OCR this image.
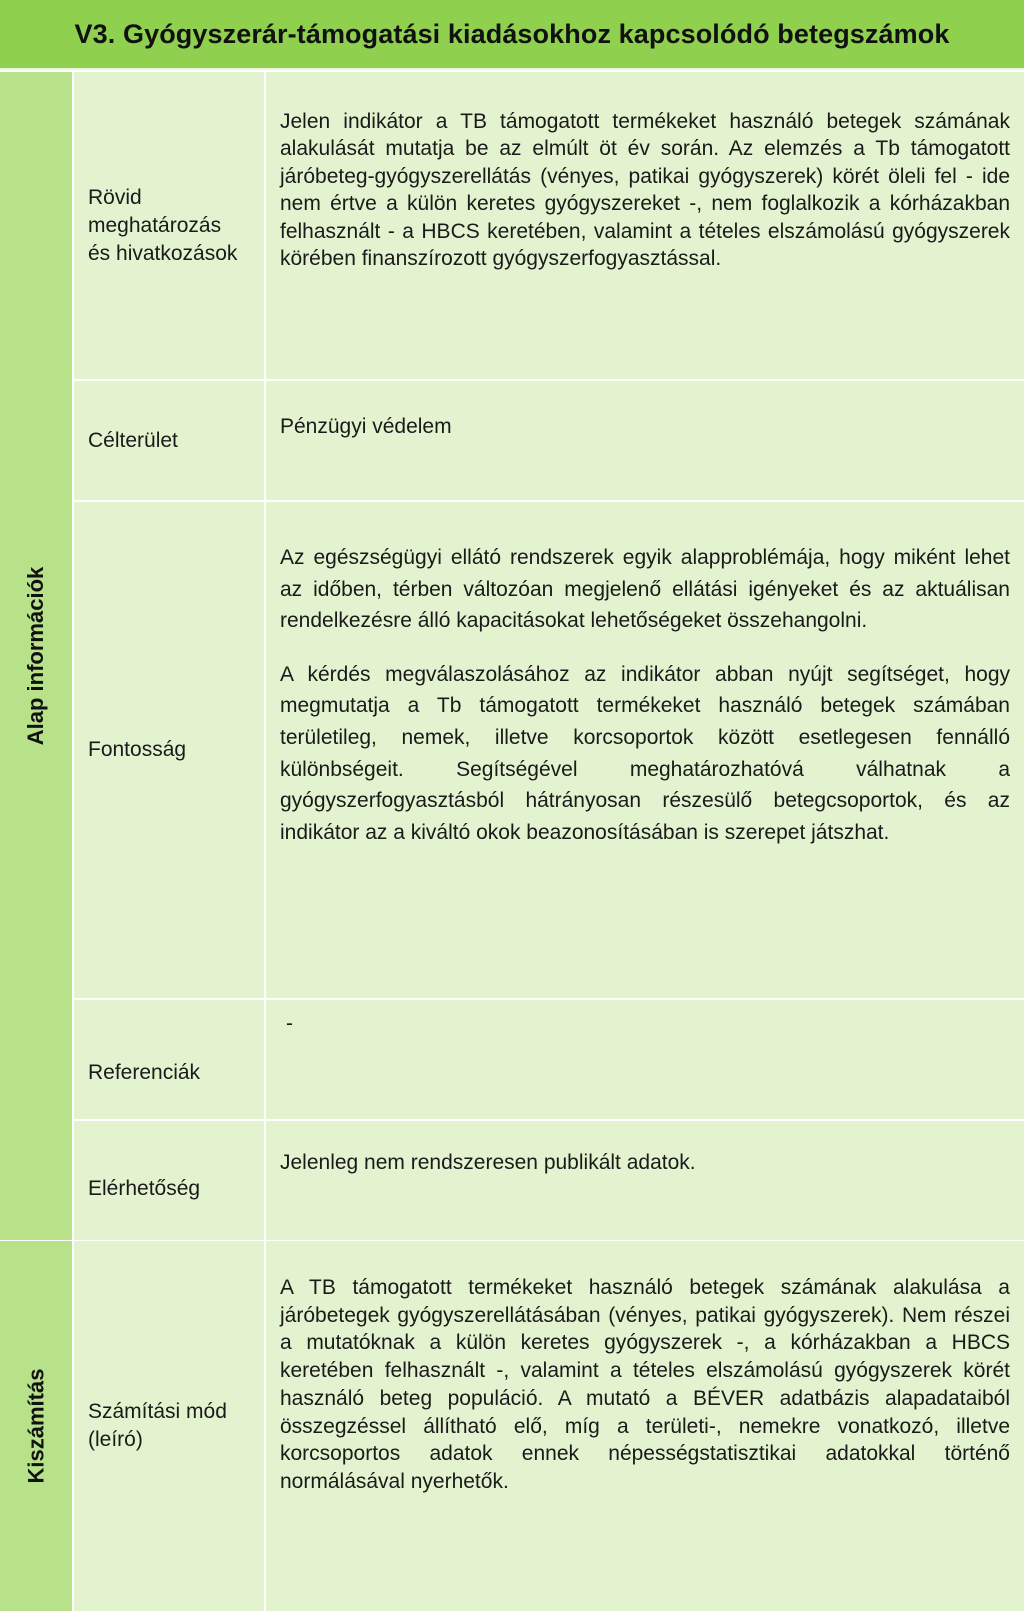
V3. Gyógyszerár-támogatási kiadásokhoz kapcsolódó betegszámok
Alap információk
Kiszámítás
Rövid meghatározás és hivatkozások

Jelen indikátor a TB támogatott termékeket használó betegek számának alakulását mutatja be az elmúlt öt év során. Az elemzés a Tb támogatott járóbeteg-gyógyszerellátás (vényes, patikai gyógyszerek) körét öleli fel - ide nem értve a külön keretes gyógyszereket -, nem foglalkozik a kórházakban felhasznált - a HBCS keretében, valamint a tételes elszámolású gyógyszerek körében finanszírozott gyógyszerfogyasztással.

Célterület

Pénzügyi védelem

Fontosság

Az egészségügyi ellátó rendszerek egyik alapproblémája, hogy miként lehet az időben, térben változóan megjelenő ellátási igényeket és az aktuálisan rendelkezésre álló kapacitásokat lehetőségeket összehangolni.

A kérdés megválaszolásához az indikátor abban nyújt segítséget, hogy megmutatja a Tb támogatott termékeket használó betegek számában területileg, nemek, illetve korcsoportok között esetlegesen fennálló különbségeit. Segítségével meghatározhatóvá válhatnak a gyógyszerfogyasztásból hátrányosan részesülő betegcsoportok, és az indikátor az a kiváltó okok beazonosításában is szerepet játszhat.

Referenciák

-

Elérhetőség

Jelenleg nem rendszeresen publikált adatok.

Számítási mód (leíró)

A TB támogatott termékeket használó betegek számának alakulása a járóbetegek gyógyszerellátásában (vényes, patikai gyógyszerek). Nem részei a mutatóknak a külön keretes gyógyszerek -, a kórházakban a HBCS keretében felhasznált -, valamint a tételes elszámolású gyógyszerek körét használó beteg populáció. A mutató a BÉVER adatbázis alapadataiból összegzéssel állítható elő, míg a területi-, nemekre vonatkozó, illetve korcsoportos adatok ennek népességstatisztikai adatokkal történő normálásával nyerhetők.
